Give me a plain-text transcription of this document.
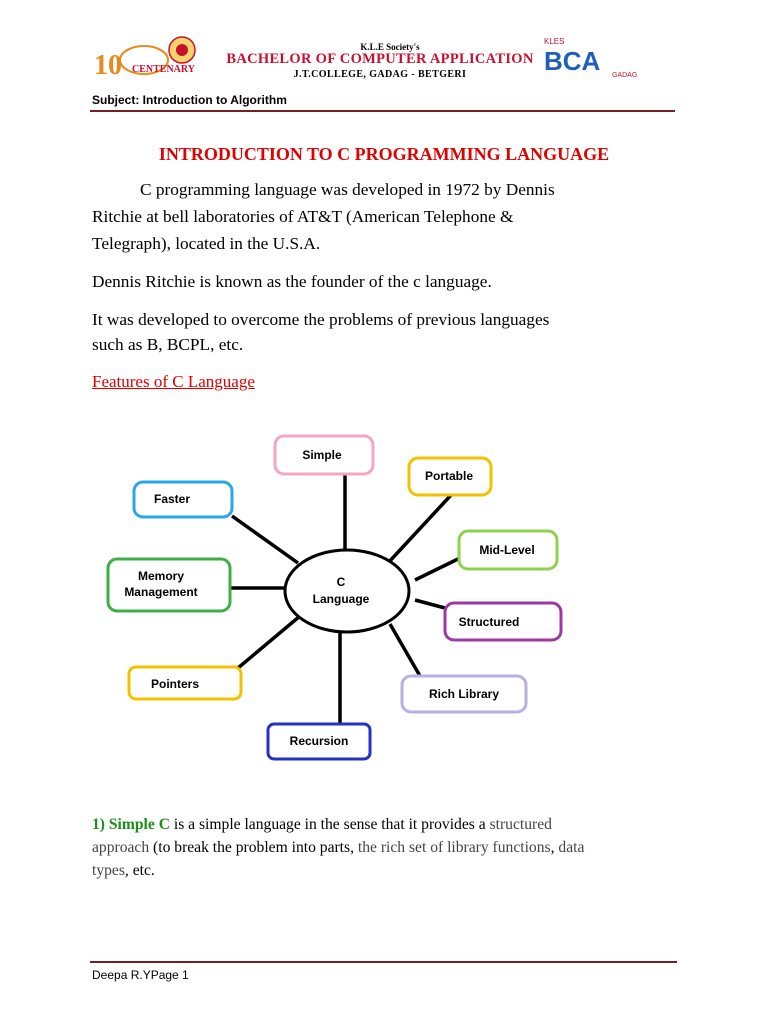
10 CENTENARY
KLES
BCA GADAG
K.L.E Society's
BACHELOR OF COMPUTER APPLICATION
J.T.COLLEGE, GADAG - BETGERI
Subject: Introduction to Algorithm
INTRODUCTION TO C PROGRAMMING LANGUAGE
C programming language was developed in 1972 by Dennis
Ritchie at bell laboratories of AT&T (American Telephone &
Telegraph), located in the U.S.A.
Dennis Ritchie is known as the founder of the c language.
It was developed to overcome the problems of previous languages
such as B, BCPL, etc.
Features of C Language
C
Language
Simple
Portable
Mid-Level
Structured
Rich Library
Recursion
Pointers
Memory
Management
Faster
1) Simple C is a simple language in the sense that it provides a structured
approach (to break the problem into parts, the rich set of library functions, data
types, etc.
Deepa R.YPage 1
